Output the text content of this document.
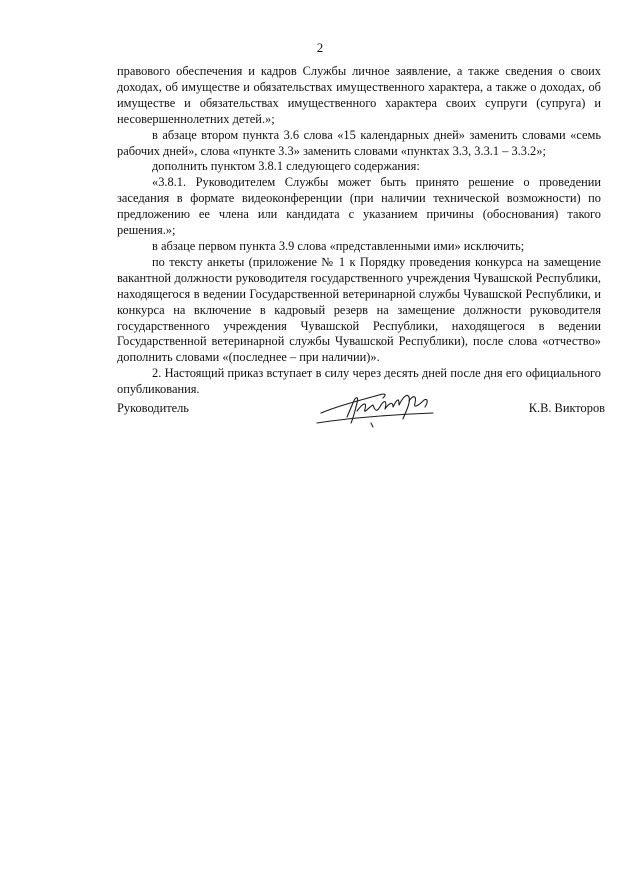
2

правового обеспечения и кадров Службы личное заявление, а также сведения о своих доходах, об имуществе и обязательствах имущественного характера, а также о доходах, об имуществе и обязательствах имущественного характера своих супруги (супруга) и несовершеннолетних детей.»;

в абзаце втором пункта 3.6 слова «15 календарных дней» заменить словами «семь рабочих дней», слова «пункте 3.3» заменить словами «пунктах 3.3, 3.3.1 – 3.3.2»;

дополнить пунктом 3.8.1 следующего содержания:

«3.8.1. Руководителем Службы может быть принято решение о проведении заседания в формате видеоконференции (при наличии технической возможности) по предложению ее члена или кандидата с указанием причины (обоснования) такого решения.»;

в абзаце первом пункта 3.9 слова «представленными ими» исключить;

по тексту анкеты (приложение № 1 к Порядку проведения конкурса на замещение вакантной должности руководителя государственного учреждения Чувашской Республики, находящегося в ведении Государственной ветеринарной службы Чувашской Республики, и конкурса на включение в кадровый резерв на замещение должности руководителя государственного учреждения Чувашской Республики, находящегося в ведении Государственной ветеринарной службы Чувашской Республики), после слова «отчество» дополнить словами «(последнее – при наличии)».

2. Настоящий приказ вступает в силу через десять дней после дня его официального опубликования.

Руководитель	К.В. Викторов
